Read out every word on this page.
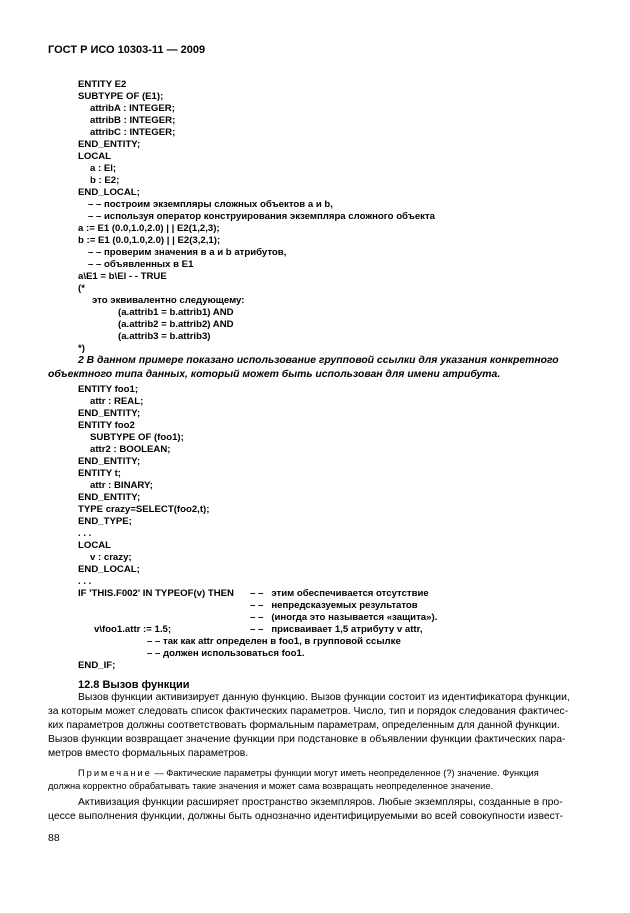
ГОСТ Р ИСО 10303-11 — 2009
ENTITY E2
SUBTYPE OF (E1);
attribA : INTEGER;
attribB : INTEGER;
attribC : INTEGER;
END_ENTITY;
LOCAL
a : El;
b : E2;
END_LOCAL;
– – построим экземпляры сложных объектов a и b,
– – используя оператор конструирования экземпляра сложного объекта
a := E1 (0.0,1.0,2.0) | | E2(1,2,3);
b := E1 (0.0,1.0,2.0) | | E2(3,2,1);
– – проверим значения в a и b атрибутов,
– – объявленных в E1
a\E1 = b\El - - TRUE
(*
это эквивалентно следующему:
(a.attrib1 = b.attrib1) AND
(a.attrib2 = b.attrib2) AND
(a.attrib3 = b.attrib3)
*)
2 В данном примере показано использование групповой ссылки для указания конкретного
объектного типа данных, который может быть использован для имени атрибута.
ENTITY foo1;
attr : REAL;
END_ENTITY;
ENTITY foo2
SUBTYPE OF (foo1);
attr2 : BOOLEAN;
END_ENTITY;
ENTITY t;
attr : BINARY;
END_ENTITY;
TYPE crazy=SELECT(foo2,t);
END_TYPE;
. . .
LOCAL
v : crazy;
END_LOCAL;
. . .
IF 'THIS.F002' IN TYPEOF(v) THEN – –   этим обеспечивается отсутствие
– –   непредсказуемых результатов
– –   (иногда это называется «защита»).
v\foo1.attr := 1.5;	– –   присваивает 1,5 атрибуту v attr,
– – так как attr определен в foo1, в групповой ссылке
– – должен использоваться foo1.
END_IF;
12.8 Вызов функции
Вызов функции активизирует данную функцию. Вызов функции состоит из идентификатора функции,
за которым может следовать список фактических параметров. Число, тип и порядок следования фактичес-
ких параметров должны соответствовать формальным параметрам, определенным для данной функции.
Вызов функции возвращает значение функции при подстановке в объявлении функции фактических пара-
метров вместо формальных параметров.
Примечание — Фактические параметры функции могут иметь неопределенное (?) значение. Функция
должна корректно обрабатывать такие значения и может сама возвращать неопределенное значение.
Активизация функции расширяет пространство экземпляров. Любые экземпляры, созданные в про-
цессе выполнения функции, должны быть однозначно идентифицируемыми во всей совокупности извест-
88
